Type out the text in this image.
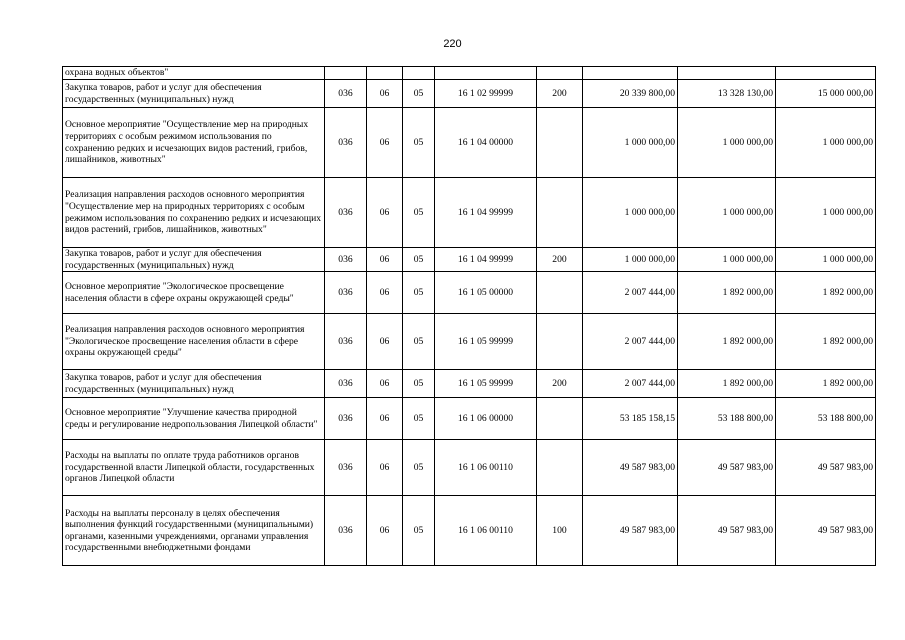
220
охрана водных объектов"								
Закупка товаров, работ и услуг для обеспечения государственных (муниципальных) нужд	036	06	05	16 1 02 99999	200	20 339 800,00	13 328 130,00	15 000 000,00
Основное мероприятие "Осуществление мер на природных территориях с особым режимом использования по сохранению редких и исчезающих видов растений, грибов, лишайников, животных"	036	06	05	16 1 04 00000		1 000 000,00	1 000 000,00	1 000 000,00
Реализация направления расходов основного мероприятия "Осуществление мер на природных территориях с особым режимом использования по сохранению редких и исчезающих видов растений, грибов, лишайников, животных"	036	06	05	16 1 04 99999		1 000 000,00	1 000 000,00	1 000 000,00
Закупка товаров, работ и услуг для обеспечения государственных (муниципальных) нужд	036	06	05	16 1 04 99999	200	1 000 000,00	1 000 000,00	1 000 000,00
Основное мероприятие "Экологическое просвещение населения области в сфере охраны окружающей среды"	036	06	05	16 1 05 00000		2 007 444,00	1 892 000,00	1 892 000,00
Реализация направления расходов основного мероприятия "Экологическое просвещение населения области в сфере охраны окружающей среды"	036	06	05	16 1 05 99999		2 007 444,00	1 892 000,00	1 892 000,00
Закупка товаров, работ и услуг для обеспечения государственных (муниципальных) нужд	036	06	05	16 1 05 99999	200	2 007 444,00	1 892 000,00	1 892 000,00
Основное мероприятие "Улучшение качества природной среды и регулирование недропользования Липецкой области"	036	06	05	16 1 06 00000		53 185 158,15	53 188 800,00	53 188 800,00
Расходы на выплаты по оплате труда работников органов государственной власти Липецкой области, государственных органов Липецкой области	036	06	05	16 1 06 00110		49 587 983,00	49 587 983,00	49 587 983,00
Расходы на выплаты персоналу в целях обеспечения выполнения функций государственными (муниципальными) органами, казенными учреждениями, органами управления государственными внебюджетными фондами	036	06	05	16 1 06 00110	100	49 587 983,00	49 587 983,00	49 587 983,00
